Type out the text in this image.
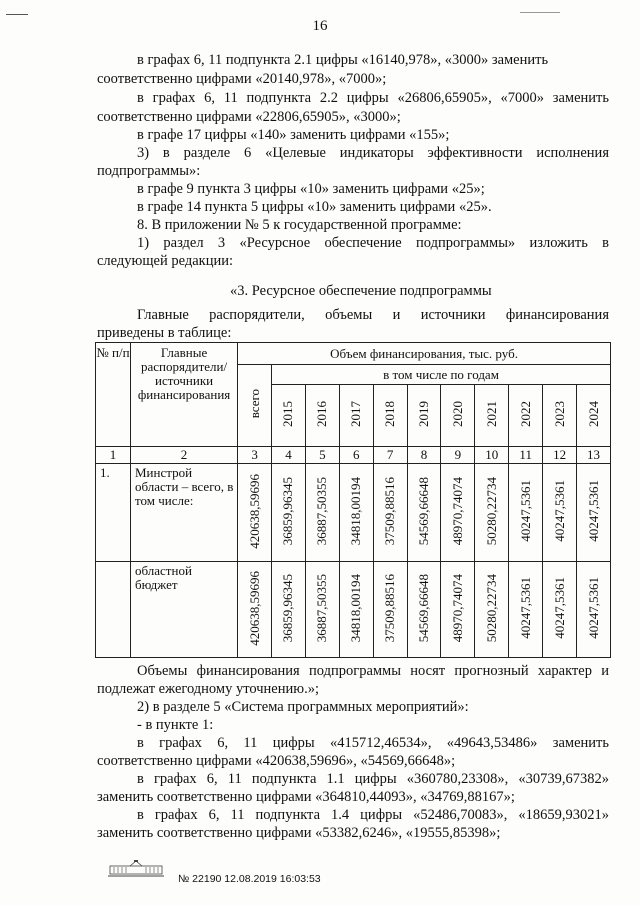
16
в графах 6, 11 подпункта 2.1 цифры «16140,978», «3000» заменить
соответственно цифрами «20140,978», «7000»;
в графах 6, 11 подпункта 2.2 цифры «26806,65905», «7000» заменить
соответственно цифрами «22806,65905», «3000»;
в графе 17 цифры «140» заменить цифрами «155»;
3) в разделе 6 «Целевые индикаторы эффективности исполнения
подпрограммы»:
в графе 9 пункта 3 цифры «10» заменить цифрами «25»;
в графе 14 пункта 5 цифры «10» заменить цифрами «25».
8. В приложении № 5 к государственной программе:
1) раздел 3 «Ресурсное обеспечение подпрограммы» изложить в
следующей редакции:
«3. Ресурсное обеспечение подпрограммы
Главные распорядители, объемы и источники финансирования
приведены в таблице:
№ п/п	Главные распорядители/ источники финансирования	Объем финансирования, тыс. руб.										
		всего	в том числе по годам									
			2015	2016	2017	2018	2019	2020	2021	2022	2023	2024
1	2	3	4	5	6	7	8	9	10	11	12	13
1.	Минстрой области – всего, в том числе:	420638,59696	36859,96345	36887,50355	34818,00194	37509,88516	54569,66648	48970,74074	50280,22734	40247,5361	40247,5361	40247,5361
	областной бюджет	420638,59696	36859,96345	36887,50355	34818,00194	37509,88516	54569,66648	48970,74074	50280,22734	40247,5361	40247,5361	40247,5361
Объемы финансирования подпрограммы носят прогнозный характер и
подлежат ежегодному уточнению.»;
2) в разделе 5 «Система программных мероприятий»:
- в пункте 1:
в графах 6, 11 цифры «415712,46534», «49643,53486» заменить
соответственно цифрами «420638,59696», «54569,66648»;
в графах 6, 11 подпункта 1.1 цифры «360780,23308», «30739,67382»
заменить соответственно цифрами «364810,44093», «34769,88167»;
в графах 6, 11 подпункта 1.4 цифры «52486,70083», «18659,93021»
заменить соответственно цифрами «53382,6246», «19555,85398»;
№ 22190 12.08.2019 16:03:53
